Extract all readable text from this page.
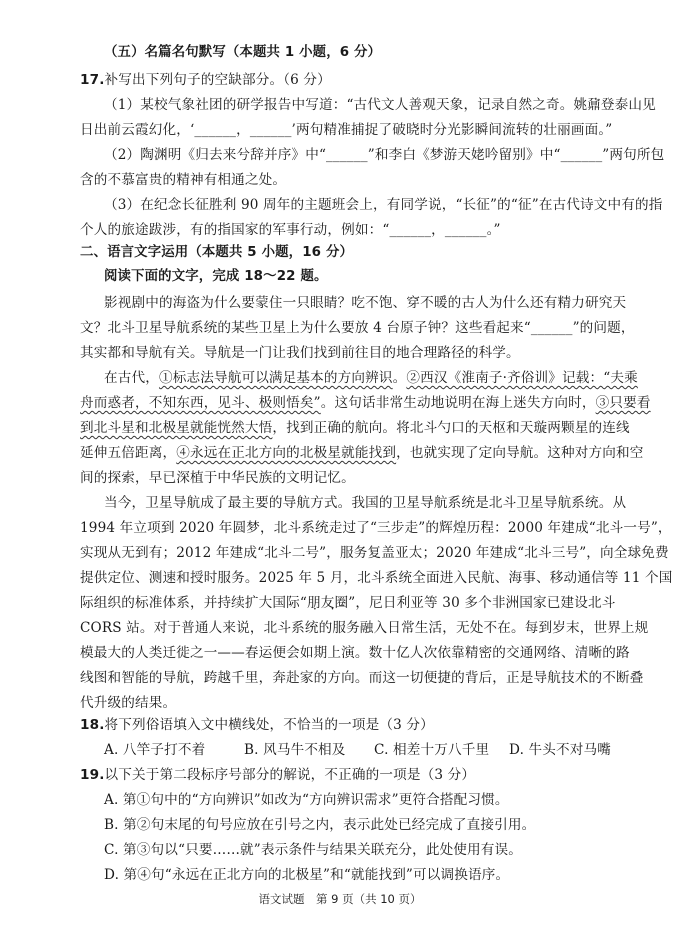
（五）名篇名句默写（本题共 1 小题，6 分）
17.补写出下列句子的空缺部分。（6 分）
（1）某校气象社团的研学报告中写道：“古代文人善观天象，记录自然之奇。姚鼐登泰山见
日出前云霞幻化，‘______，______’两句精准捕捉了破晓时分光影瞬间流转的壮丽画面。”
（2）陶渊明《归去来兮辞并序》中“______”和李白《梦游天姥吟留别》中“______”两句所包
含的不慕富贵的精神有相通之处。
（3）在纪念长征胜利 90 周年的主题班会上，有同学说，“长征”的“征”在古代诗文中有的指
个人的旅途跋涉，有的指国家的军事行动，例如：“______，______。”
二、语言文字运用（本题共 5 小题，16 分）
阅读下面的文字，完成 18～22 题。
影视剧中的海盗为什么要蒙住一只眼睛？吃不饱、穿不暖的古人为什么还有精力研究天
文？北斗卫星导航系统的某些卫星上为什么要放 4 台原子钟？这些看起来“______”的问题，
其实都和导航有关。导航是一门让我们找到前往目的地合理路径的科学。
在古代，①标志法导航可以满足基本的方向辨识。②西汉《淮南子·齐俗训》记载：“夫乘
舟而惑者，不知东西，见斗、极则悟矣”。这句话非常生动地说明在海上迷失方向时，③只要看
到北斗星和北极星就能恍然大悟，找到正确的航向。将北斗勺口的天枢和天璇两颗星的连线
延伸五倍距离，④永远在正北方向的北极星就能找到，也就实现了定向导航。这种对方向和空
间的探索，早已深植于中华民族的文明记忆。
当今，卫星导航成了最主要的导航方式。我国的卫星导航系统是北斗卫星导航系统。从
1994 年立项到 2020 年圆梦，北斗系统走过了“三步走”的辉煌历程：2000 年建成“北斗一号”，
实现从无到有；2012 年建成“北斗二号”，服务复盖亚太；2020 年建成“北斗三号”，向全球免费
提供定位、测速和授时服务。2025 年 5 月，北斗系统全面进入民航、海事、移动通信等 11 个国
际组织的标准体系，并持续扩大国际“朋友圈 · ·”，尼日利亚等 30 多个非洲国家已建设北斗
CORS 站。对于普通人来说，北斗系统的服务融入日常生活，无处不在。每到岁末，世界上规
模最大的人类迁徙之一——春运便会如期上演。数十亿人次依靠精密的交通网络、清晰的路
线图和智能的导航，跨越千里，奔赴家的方向。而这一切便捷的背后，正是导航技术的不断叠
代升级的结果。
18.将下列俗语填入文中横线处，不恰当的一项是（3 分）
A. 八竿子打不着	B. 风马牛不相及 C. 相差十万八千里 D. 牛头不对马嘴
19.以下关于第二段标序号部分的解说，不正确的一项是（3 分）
A. 第①句中的“方向辨识”如改为“方向辨识需求”更符合搭配习惯。
B. 第②句末尾的句号应放在引号之内，表示此处已经完成了直接引用。
C. 第③句以“只要……就”表示条件与结果关联充分，此处使用有误。
D. 第④句“永远在正北方向的北极星”和“就能找到”可以调换语序。
语文试题　第 9 页（共 10 页）
